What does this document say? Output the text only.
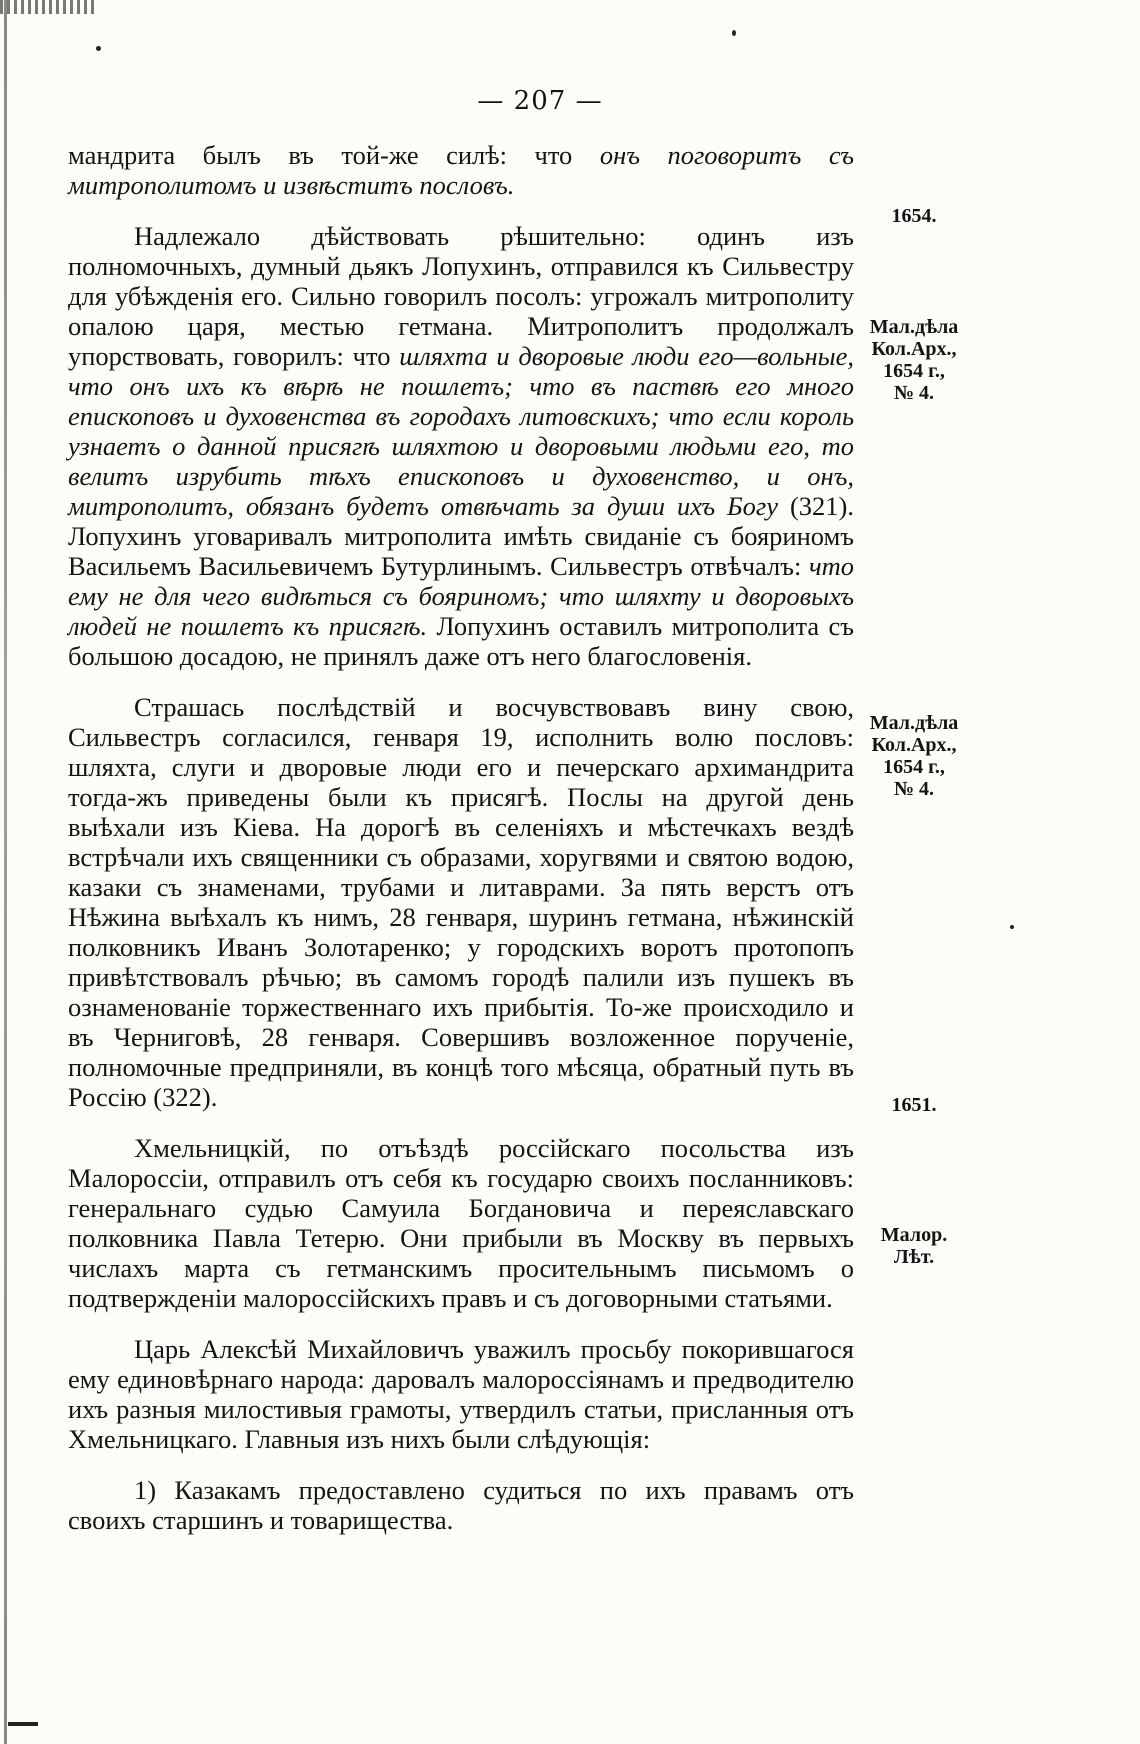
— 207 —

мандрита былъ въ той-же силѣ: что онъ поговоритъ съ митрополитомъ и извѣститъ пословъ.

Надлежало дѣйствовать рѣшительно: одинъ изъ полномочныхъ, думный дьякъ Лопухинъ, отправился къ Сильвестру для убѣжденія его. Сильно говорилъ посолъ: угрожалъ митрополиту опалою царя, местью гетмана. Митрополитъ продолжалъ упорствовать, говорилъ: что шляхта и дворовые люди его—вольные, что онъ ихъ къ вѣрѣ не пошлетъ; что въ паствѣ его много епископовъ и духовенства въ городахъ литовскихъ; что если король узнаетъ о данной присягѣ шляхтою и дворовыми людьми его, то велитъ изрубить тѣхъ епископовъ и духовенство, и онъ, митрополитъ, обязанъ будетъ отвѣчать за души ихъ Богу (321). Лопухинъ уговаривалъ митрополита имѣть свиданіе съ бояриномъ Васильемъ Васильевичемъ Бутурлинымъ. Сильвестръ отвѣчалъ: что ему не для чего видѣться съ бояриномъ; что шляхту и дворовыхъ людей не пошлетъ къ присягѣ. Лопухинъ оставилъ митрополита съ большою досадою, не принялъ даже отъ него благословенія.

Страшась послѣдствій и восчувствовавъ вину свою, Сильвестръ согласился, генваря 19, исполнить волю пословъ: шляхта, слуги и дворовые люди его и печерскаго архимандрита тогда-жъ приведены были къ присягѣ. Послы на другой день выѣхали изъ Кіева. На дорогѣ въ селеніяхъ и мѣстечкахъ вездѣ встрѣчали ихъ священники съ образами, хоругвями и святою водою, казаки съ знаменами, трубами и литаврами. За пять верстъ отъ Нѣжина выѣхалъ къ нимъ, 28 генваря, шуринъ гетмана, нѣжинскій полковникъ Иванъ Золотаренко; у городскихъ воротъ протопопъ привѣтствовалъ рѣчью; въ самомъ городѣ палили изъ пушекъ въ ознаменованіе торжественнаго ихъ прибытія. То-же происходило и въ Черниговѣ, 28 генваря. Совершивъ возложенное порученіе, полномочные предприняли, въ концѣ того мѣсяца, обратный путь въ Россію (322).

Хмельницкій, по отъѣздѣ россійскаго посольства изъ Малороссіи, отправилъ отъ себя къ государю своихъ посланниковъ: генеральнаго судью Самуила Богдановича и переяславскаго полковника Павла Тетерю. Они прибыли въ Москву въ первыхъ числахъ марта съ гетманскимъ просительнымъ письмомъ о подтвержденіи малороссійскихъ правъ и съ договорными статьями.

Царь Алексѣй Михайловичъ уважилъ просьбу покорившагося ему единовѣрнаго народа: даровалъ малороссіянамъ и предводителю ихъ разныя милостивыя грамоты, утвердилъ статьи, присланныя отъ Хмельницкаго. Главныя изъ нихъ были слѣдующія:

1) Казакамъ предоставлено судиться по ихъ правамъ отъ своихъ старшинъ и товарищества.

1654.
Мал.дѣла
Кол.Арх.,
1654 г.,
№ 4.
Мал.дѣла
Кол.Арх.,
1654 г.,
№ 4.
1651.
Малор.
Лѣт.
